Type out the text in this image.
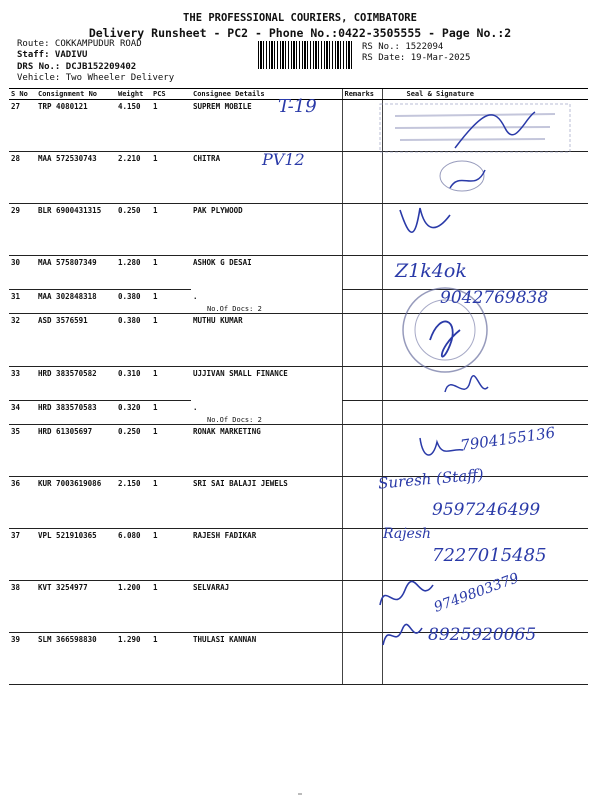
THE PROFESSIONAL COURIERS, COIMBATORE
Delivery Runsheet - PC2 - Phone No.:0422-3505555 - Page No.:2
Route: COKKAMPUDUR ROAD
Staff: VADIVU
DRS No.: DCJB152209402
Vehicle: Two Wheeler Delivery
RS No.: 1522094
RS Date: 19-Mar-2025
S No	Consignment No	Weight	PCS	Consignee Details	Remarks	Seal & Signature
27	TRP 4080121	4.150	1	SUPREM MOBILE		
28	MAA 572530743	2.210	1	CHITRA		
29	BLR 6900431315	0.250	1	PAK PLYWOOD		
30	MAA 575807349	1.280	1	ASHOK G DESAI		
31	MAA 302848318	0.380	1	.
No.Of Docs: 2		

32	ASD 3576591	0.380	1	MUTHU KUMAR		
33	HRD 383570582	0.310	1	UJJIVAN SMALL FINANCE		
34	HRD 383570583	0.320	1	.
No.Of Docs: 2		

35	HRD 61305697	0.250	1	RONAK MARKETING		
36	KUR 7003619086	2.150	1	SRI SAI BALAJI JEWELS		
37	VPL 521910365	6.080	1	RAJESH FADIKAR		
38	KVT 3254977	1.200	1	SELVARAJ		
39	SLM 366598830	1.290	1	THULASI KANNAN		
T-19
PV12
Z1k4ok
9042769838
7904155136
Suresh (Staff)
9597246499
Rajesh
7227015485
9749803379
8925920065
